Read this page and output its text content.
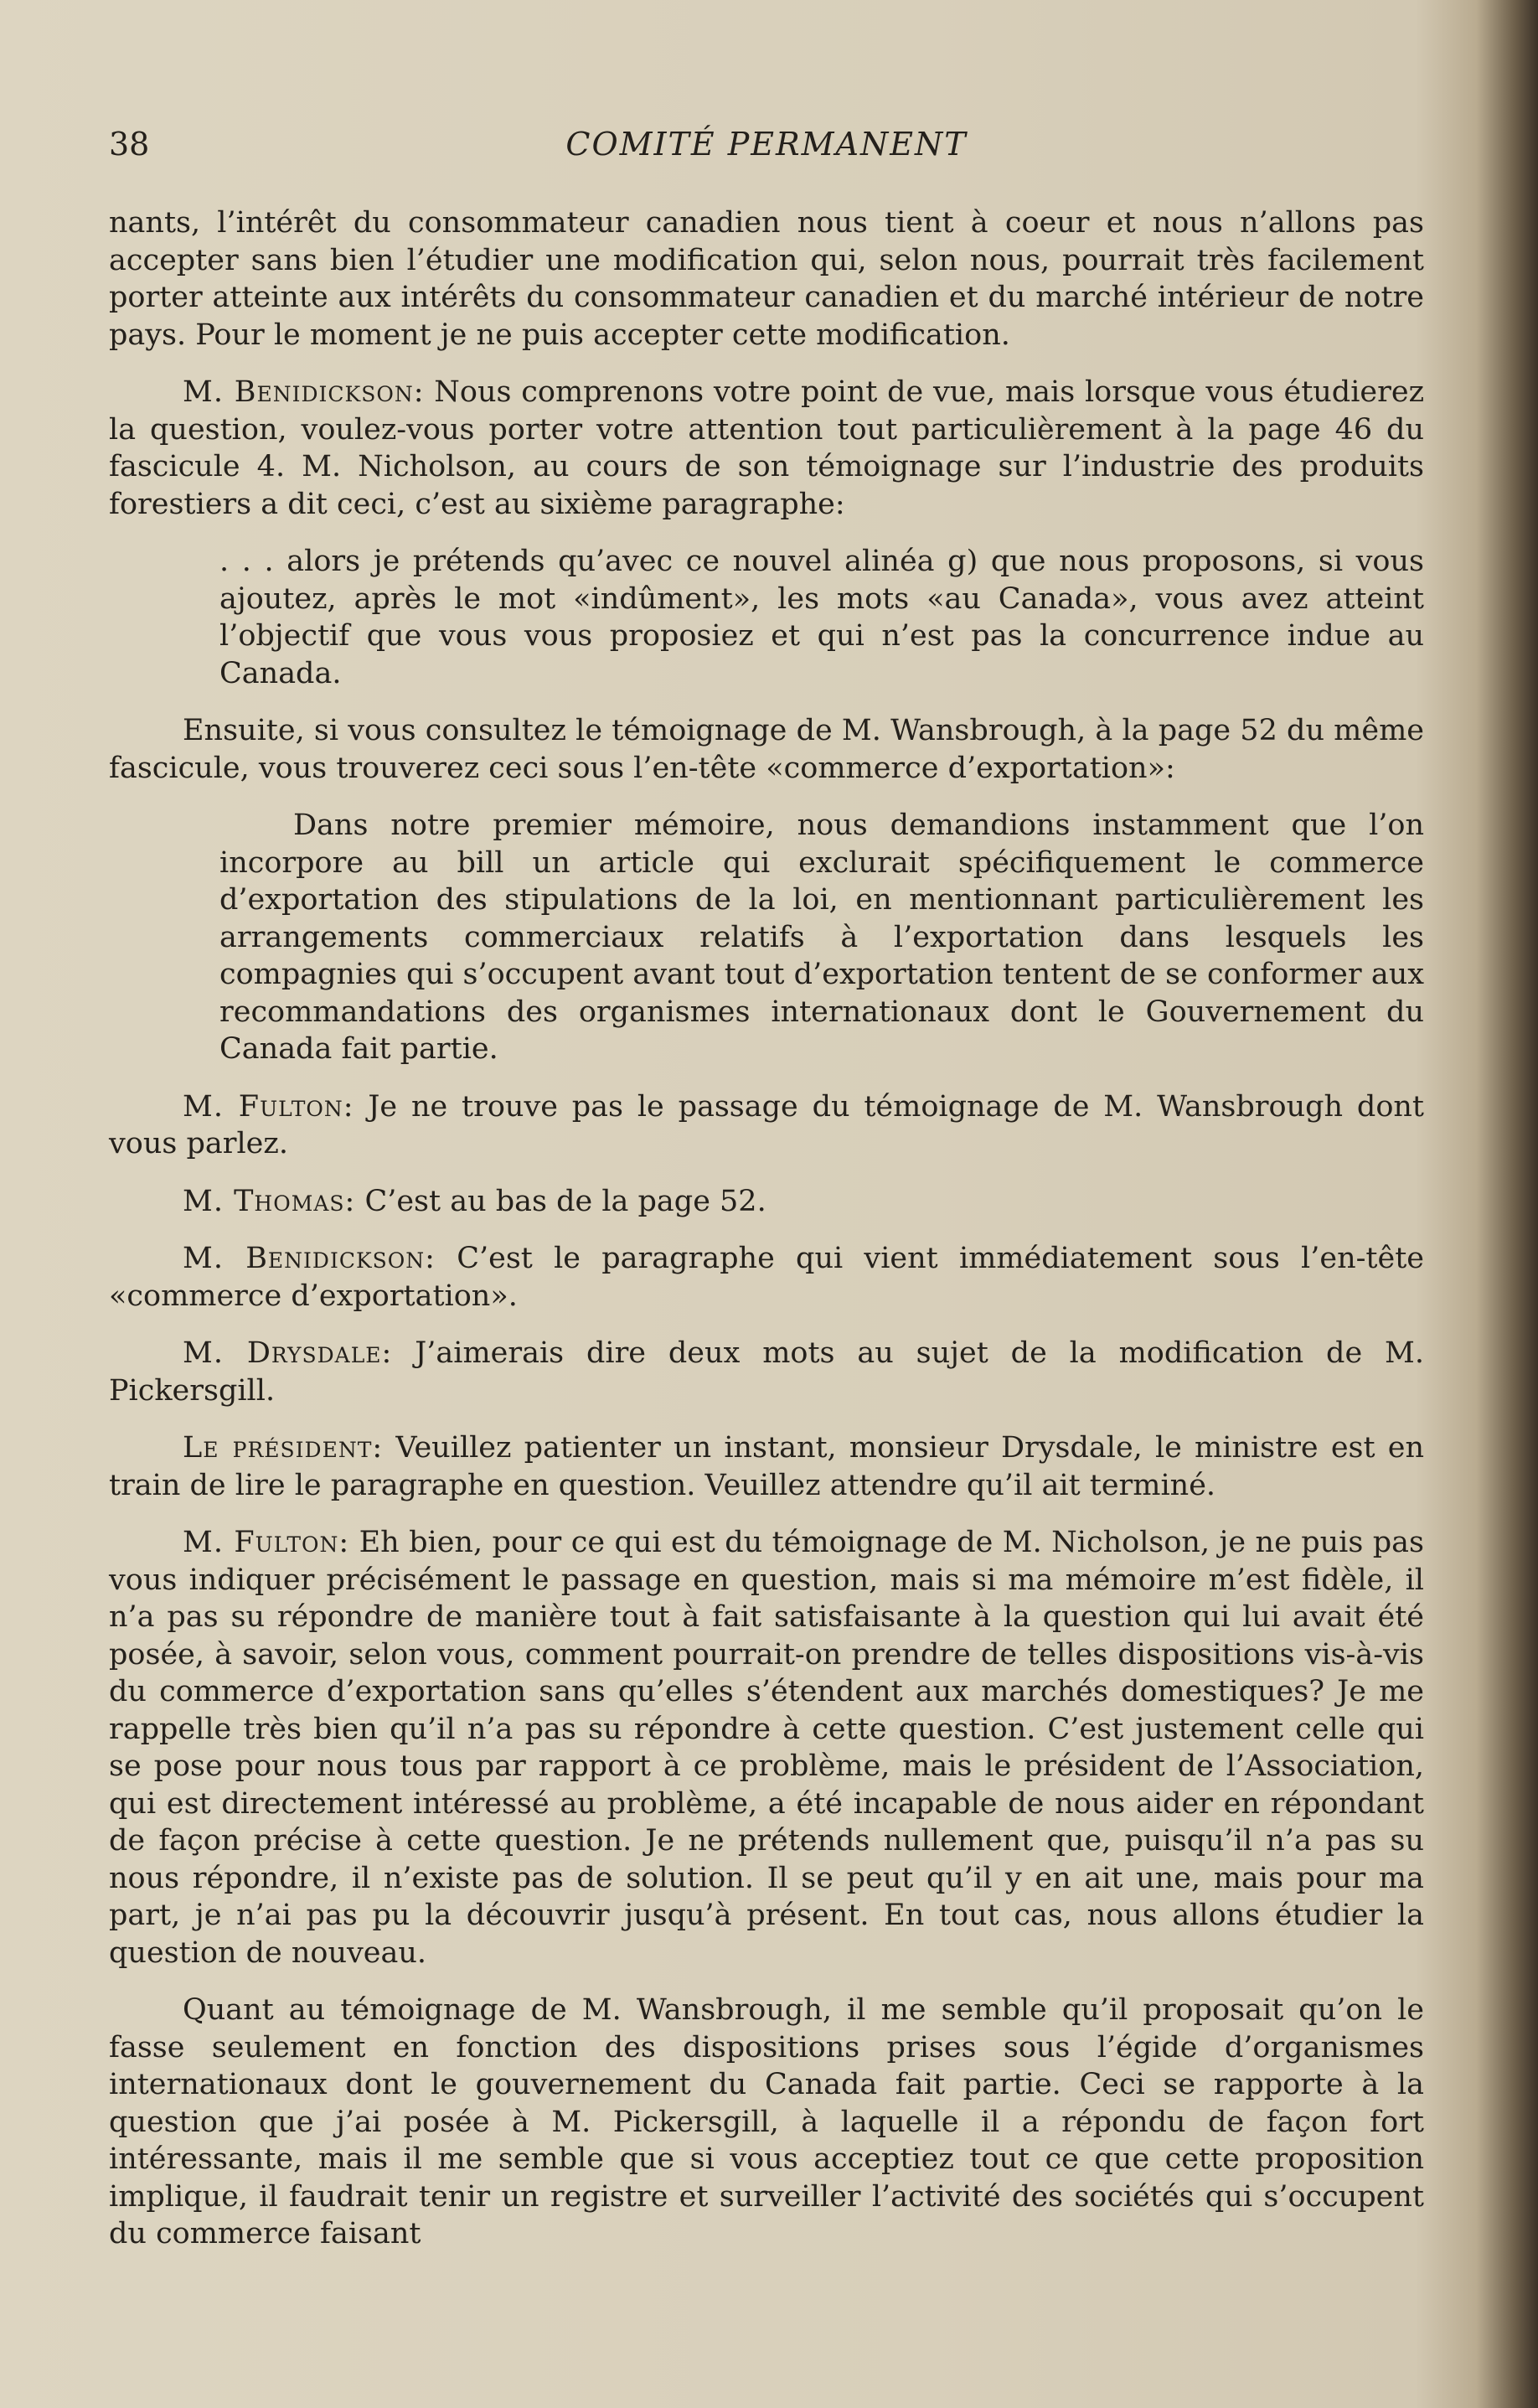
38	COMITÉ PERMANENT

nants, l’intérêt du consommateur canadien nous tient à coeur et nous n’allons pas accepter sans bien l’étudier une modification qui, selon nous, pourrait très facilement porter atteinte aux intérêts du consommateur canadien et du marché intérieur de notre pays. Pour le moment je ne puis accepter cette modification.

M. Benidickson: Nous comprenons votre point de vue, mais lorsque vous étudierez la question, voulez-vous porter votre attention tout particulièrement à la page 46 du fascicule 4. M. Nicholson, au cours de son témoignage sur l’industrie des produits forestiers a dit ceci, c’est au sixième paragraphe:

. . . alors je prétends qu’avec ce nouvel alinéa g) que nous proposons, si vous ajoutez, après le mot «indûment», les mots «au Canada», vous avez atteint l’objectif que vous vous proposiez et qui n’est pas la concurrence indue au Canada.

Ensuite, si vous consultez le témoignage de M. Wansbrough, à la page 52 du même fascicule, vous trouverez ceci sous l’en-tête «commerce d’exportation»:

Dans notre premier mémoire, nous demandions instamment que l’on incorpore au bill un article qui exclurait spécifiquement le commerce d’exportation des stipulations de la loi, en mentionnant particulièrement les arrangements commerciaux relatifs à l’exportation dans lesquels les compagnies qui s’occupent avant tout d’exportation tentent de se conformer aux recommandations des organismes internationaux dont le Gouvernement du Canada fait partie.

M. Fulton: Je ne trouve pas le passage du témoignage de M. Wansbrough dont vous parlez.

M. Thomas: C’est au bas de la page 52.

M. Benidickson: C’est le paragraphe qui vient immédiatement sous l’en-tête «commerce d’exportation».

M. Drysdale: J’aimerais dire deux mots au sujet de la modification de M. Pickersgill.

Le président: Veuillez patienter un instant, monsieur Drysdale, le ministre est en train de lire le paragraphe en question. Veuillez attendre qu’il ait terminé.

M. Fulton: Eh bien, pour ce qui est du témoignage de M. Nicholson, je ne puis pas vous indiquer précisément le passage en question, mais si ma mémoire m’est fidèle, il n’a pas su répondre de manière tout à fait satisfaisante à la question qui lui avait été posée, à savoir, selon vous, comment pourrait-on prendre de telles dispositions vis-à-vis du commerce d’exportation sans qu’elles s’étendent aux marchés domestiques? Je me rappelle très bien qu’il n’a pas su répondre à cette question. C’est justement celle qui se pose pour nous tous par rapport à ce problème, mais le président de l’Association, qui est directement intéressé au problème, a été incapable de nous aider en répondant de façon précise à cette question. Je ne prétends nullement que, puisqu’il n’a pas su nous répondre, il n’existe pas de solution. Il se peut qu’il y en ait une, mais pour ma part, je n’ai pas pu la découvrir jusqu’à présent. En tout cas, nous allons étudier la question de nouveau.

Quant au témoignage de M. Wansbrough, il me semble qu’il proposait qu’on le fasse seulement en fonction des dispositions prises sous l’égide d’organismes internationaux dont le gouvernement du Canada fait partie. Ceci se rapporte à la question que j’ai posée à M. Pickersgill, à laquelle il a répondu de façon fort intéressante, mais il me semble que si vous acceptiez tout ce que cette proposition implique, il faudrait tenir un registre et surveiller l’activité des sociétés qui s’occupent du commerce faisant
